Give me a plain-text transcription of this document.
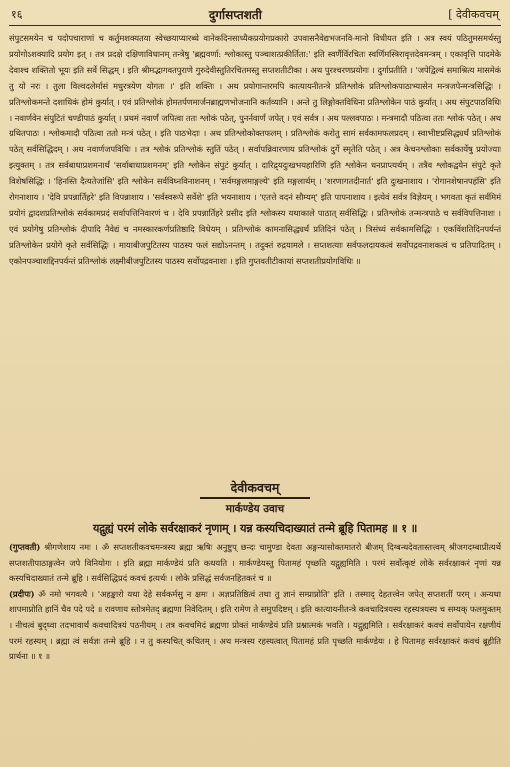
१६	दुर्गासप्तशती	[ देवीकवचम्
संपुटसमयेन च पदोपचाराणां च कर्तुमशक्यतया स्वेच्छयाप्यारब्धे वानेकदिनसाध्यैकप्रयोगप्रकारो उपवासनैवेद्यभजनवि-मानो विधीयत इति । अत्र स्वयं पठितुमसमर्थस्तु प्रयोगोऽशक्यादि प्रयोग इत् । तत्र प्रदक्षे दक्षिणाविधानम् तन्त्रेषु 'ब्रह्मवर्णा: श्लोकास्तु पञ्चाशत्प्रकीर्तिता:' इति स्वर्णैर्विरचितः स्वर्णिमस्त्रिरावृत्तदेवमन्त्रम् । एकावृत्ति पादमेके देवाश्च शक्तितो भूयः इति सर्वे सिद्धम् । इति श्रीमद्भागवतपुराणे गुरुदेवीस्तुतिरचितमस्तु सप्तशतीटीका । अथ पुरश्चरणप्रयोगः । दुर्गाप्रतीति । 'जपेद्विल्वं समाश्रित्य मासमेकं तु यो नरः । तुला विल्वदलेर्मासं मधुरत्रयेण योगतः ।' इति शक्तिः । अथ प्रयोगान्तरमपि कात्यायनीतन्त्रे प्रतिश्लोकं प्रतिश्लोकपाठाभ्यासेन मन्त्रजपेन्मन्त्रसिद्धिः । प्रतिश्लोकमन्ते दशाधिकं होमं कुर्यात् । एवं प्रतिश्लोकं होमतर्पणमार्जनब्राह्मणभोजनानि कर्तव्यानि । अन्ते तु लिङ्गोक्तविधिना प्रतिश्लोकेन पाठं कुर्यात् । अथ संपुटपाठविधिः । नवार्णवेन संपुटितं चण्डीपाठं कुर्यात् । प्रथमं नवार्णं जपित्वा ततः श्लोकं पठेत्, पुनर्नवार्णं जपेत् । एवं सर्वत्र । अथ पल्लवपाठः । मन्त्रमादौ पठित्वा ततः श्लोकं पठेत् । अथ ग्रथितपाठः । श्लोकमादौ पठित्वा ततो मन्त्रं पठेत् । इति पाठभेदाः । अथ प्रतिश्लोकोक्तफलम् । प्रतिश्लोकं करोतु सामं सर्वकामफलप्रदम् । स्वाभीष्टप्रसिद्ध्यर्थं प्रतिश्लोकं पठेत् सर्वसिद्धिदम् । अथ नवार्णजपविधिः । तत्र श्लोकं प्रतिश्लोकं स्तुतिं पठेत् । सर्वापन्निवारणाय प्रतिश्लोकं दुर्गे स्मृतेति पठेत् । अत्र केचनश्लोकाः सर्वकार्येषु प्रयोज्याः इत्युक्तम् । तत्र सर्वबाधाप्रशमनार्थं 'सर्वाबाधाप्रशमनम्' इति श्लोकेन संपुटं कुर्यात् । दारिद्र्यदुःखभयहारिणि इति श्लोकेन धनप्राप्त्यर्थम् । तत्रैव श्लोकद्वयेन संपुटे कृते विशेषसिद्धिः । 'हिनस्ति दैत्यतेजांसि' इति श्लोकेन सर्वविघ्नविनाशनम् । 'सर्वमङ्गलमाङ्गल्ये' इति मङ्गलार्थम् । 'शरणागतदीनार्त' इति दुःखनाशाय । 'रोगानशेषानपहंसि' इति रोगनाशाय । 'देवि प्रपन्नार्तिहरे' इति विपन्नाशाय । 'सर्वस्वरूपे सर्वेशे' इति भयनाशाय । 'एतत्ते वदनं सौम्यम्' इति पापनाशाय । इत्येवं सर्वत्र विज्ञेयम् । भगवता कृतं सर्वमिमं प्रयोगं द्वादशप्रतिश्लोकं सर्वकामप्रदं सर्वापत्तिनिवारणं च । देवि प्रपन्नार्तिहरे प्रसीद इति श्लोकस्य यथाकाले पाठात् सर्वसिद्धिः । प्रतिश्लोकं तन्मन्त्रपाठे च सर्वविपत्तिनाशः । एवं प्रयोगेषु प्रतिश्लोकं दीपादि नैवेद्यं च नमस्कारकर्णप्रतिष्ठादि विधेयम् । प्रतिश्लोकं कामनासिद्ध्यर्थं प्रतिदिनं पठेत् । त्रिसंध्यं सर्वकामसिद्धिः । एकविंशतिदिनपर्यन्तं प्रतिश्लोकेन प्रयोगे कृते सर्वसिद्धिः । मायाबीजपुटितस्य पाठस्य फलं सद्योऽनन्तम् । तदुक्तं रुद्रयामले । सप्तशत्याः सर्वफलदायकत्वं सर्वोपद्रवनाशकत्वं च प्रतिपादितम् । एकोनपञ्चाशद्दिनपर्यन्तं प्रतिश्लोकं लक्ष्मीबीजपुटितस्य पाठस्य सर्वोपद्रवनाशः । इति गुप्तवतीटीकायां सप्तशतीप्रयोगविधिः ॥
देवीकवचम्
मार्कण्डेय उवाच
यद्गुह्यं परमं लोके सर्वरक्षाकरं नृणाम् । यन्न कस्यचिदाख्यातं तन्मे ब्रूहि पितामह ॥ १ ॥
(गुप्तवती) श्रीगणेशाय नमः । ॐ सप्तशतीकवचमन्त्रस्य ब्रह्मा ऋषिः अनुष्टुप् छन्दः चामुण्डा देवता अङ्गन्यासोक्तमातरो बीजम् दिग्बन्धदेवतास्तत्त्वम् श्रीजगदम्बाप्रीत्यर्थे सप्तशतीपाठाङ्गत्वेन जपे विनियोगः । इति ब्रह्मा मार्कण्डेयं प्रति कथयति । मार्कण्डेयस्तु पितामहं पृच्छति यद्गुह्यमिति । परमं सर्वोत्कृष्टं लोके सर्वरक्षाकरं नृणां यन्न कस्यचिदाख्यातं तन्मे ब्रूहि । सर्वसिद्धिप्रदं कवचं इत्यर्थः । लोके प्रसिद्धं सर्वजनहितकरं च ॥
(प्रदीपः) ॐ नमो भगवत्यै । 'अहङ्कारो यथा देहे सर्वकर्मसु न क्षमः । अज्ञप्रतिष्ठित्वं तथा तु ज्ञानं सम्प्राप्नोति' इति । तस्माद् देहतत्त्वेन जपेत् सप्तशतीं परम् । अन्यथा शापमाप्नोति हानिं चैव पदे पदे ॥ रावणाय स्तोत्रमेतद् ब्रह्मणा निवेदितम् । इति रामेण ते समुपदिष्टम् । इति कात्यायनीतन्त्रे कवचादित्रयस्य रहस्यत्रयस्य च सम्यक् फलमुक्तम् । नीचत्वं बुद्ध्वा तदभावार्थं कवचादित्रयं पठनीयम् । तत्र कवचमिदं ब्रह्मणा प्रोक्तं मार्कण्डेयं प्रति प्रश्नात्मकं भवति । यद्गुह्यमिति । सर्वरक्षाकरं कवचं सर्वोपायेन रक्षणीयं परमं रहस्यम् । ब्रह्मा त्वं सर्वज्ञः तन्मे ब्रूहि । न तु कस्यचित् कथितम् । अथ मन्त्रस्य रहस्यत्वात् पितामहं प्रति पृच्छति मार्कण्डेयः । हे पितामह सर्वरक्षाकरं कवचं ब्रूहीति प्रार्थना ॥ १ ॥
